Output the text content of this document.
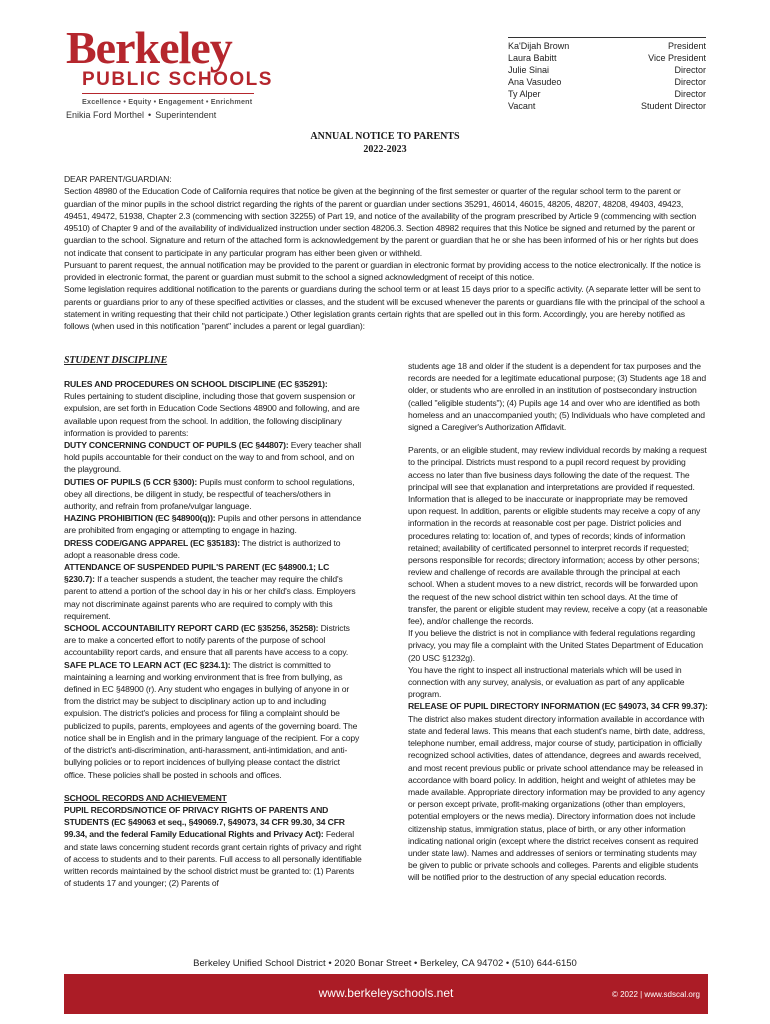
Berkeley
PUBLIC SCHOOLS
Excellence • Equity • Engagement • Enrichment
Enikia Ford Morthel • Superintendent
Ka'Dijah Brown	President
Laura Babitt	Vice President
Julie Sinai	Director
Ana Vasudeo	Director
Ty Alper	Director
Vacant	Student Director
ANNUAL NOTICE TO PARENTS
2022-2023

DEAR PARENT/GUARDIAN:

Section 48980 of the Education Code of California requires that notice be given at the beginning of the first semester or quarter of the regular school term to the parent or guardian of the minor pupils in the school district regarding the rights of the parent or guardian under sections 35291, 46014, 46015, 48205, 48207, 48208, 49403, 49423, 49451, 49472, 51938, Chapter 2.3 (commencing with section 32255) of Part 19, and notice of the availability of the program prescribed by Article 9 (commencing with section 49510) of Chapter 9 and of the availability of individualized instruction under section 48206.3. Section 48982 requires that this Notice be signed and returned by the parent or guardian to the school. Signature and return of the attached form is acknowledgement by the parent or guardian that he or she has been informed of his or her rights but does not indicate that consent to participate in any particular program has either been given or withheld.

Pursuant to parent request, the annual notification may be provided to the parent or guardian in electronic format by providing access to the notice electronically. If the notice is provided in electronic format, the parent or guardian must submit to the school a signed acknowledgment of receipt of this notice.

Some legislation requires additional notification to the parents or guardians during the school term or at least 15 days prior to a specific activity. (A separate letter will be sent to parents or guardians prior to any of these specified activities or classes, and the student will be excused whenever the parents or guardians file with the principal of the school a statement in writing requesting that their child not participate.) Other legislation grants certain rights that are spelled out in this form. Accordingly, you are hereby notified as follows (when used in this notification "parent" includes a parent or legal guardian):

STUDENT DISCIPLINE

RULES AND PROCEDURES ON SCHOOL DISCIPLINE (EC §35291):
Rules pertaining to student discipline, including those that govern suspension or expulsion, are set forth in Education Code Sections 48900 and following, and are available upon request from the school. In addition, the following disciplinary information is provided to parents:

DUTY CONCERNING CONDUCT OF PUPILS (EC §44807): Every teacher shall hold pupils accountable for their conduct on the way to and from school, and on the playground.

DUTIES OF PUPILS (5 CCR §300): Pupils must conform to school regulations, obey all directions, be diligent in study, be respectful of teachers/others in authority, and refrain from profane/vulgar language.

HAZING PROHIBITION (EC §48900(q)): Pupils and other persons in attendance are prohibited from engaging or attempting to engage in hazing.

DRESS CODE/GANG APPAREL (EC §35183): The district is authorized to adopt a reasonable dress code.

ATTENDANCE OF SUSPENDED PUPIL'S PARENT (EC §48900.1; LC §230.7): If a teacher suspends a student, the teacher may require the child's parent to attend a portion of the school day in his or her child's class. Employers may not discriminate against parents who are required to comply with this requirement.

SCHOOL ACCOUNTABILITY REPORT CARD (EC §35256, 35258): Districts are to make a concerted effort to notify parents of the purpose of school accountability report cards, and ensure that all parents have access to a copy.

SAFE PLACE TO LEARN ACT (EC §234.1): The district is committed to maintaining a learning and working environment that is free from bullying, as defined in EC §48900 (r). Any student who engages in bullying of anyone in or from the district may be subject to disciplinary action up to and including expulsion. The district's policies and process for filing a complaint should be publicized to pupils, parents, employees and agents of the governing board. The notice shall be in English and in the primary language of the recipient. For a copy of the district's anti-discrimination, anti-harassment, anti-intimidation, and anti-bullying policies or to report incidences of bullying please contact the district office. These policies shall be posted in schools and offices.

SCHOOL RECORDS AND ACHIEVEMENT

PUPIL RECORDS/NOTICE OF PRIVACY RIGHTS OF PARENTS AND STUDENTS (EC §49063 et seq., §49069.7, §49073, 34 CFR 99.30, 34 CFR 99.34, and the federal Family Educational Rights and Privacy Act): Federal and state laws concerning student records grant certain rights of privacy and right of access to students and to their parents. Full access to all personally identifiable written records maintained by the school district must be granted to: (1) Parents of students 17 and younger; (2) Parents of

students age 18 and older if the student is a dependent for tax purposes and the records are needed for a legitimate educational purpose; (3) Students age 18 and older, or students who are enrolled in an institution of postsecondary instruction (called "eligible students"); (4) Pupils age 14 and over who are identified as both homeless and an unaccompanied youth; (5) Individuals who have completed and signed a Caregiver's Authorization Affidavit.

Parents, or an eligible student, may review individual records by making a request to the principal. Districts must respond to a pupil record request by providing access no later than five business days following the date of the request. The principal will see that explanation and interpretations are provided if requested. Information that is alleged to be inaccurate or inappropriate may be removed upon request. In addition, parents or eligible students may receive a copy of any information in the records at reasonable cost per page. District policies and procedures relating to: location of, and types of records; kinds of information retained; availability of certificated personnel to interpret records if requested; persons responsible for records; directory information; access by other persons; review and challenge of records are available through the principal at each school. When a student moves to a new district, records will be forwarded upon the request of the new school district within ten school days. At the time of transfer, the parent or eligible student may review, receive a copy (at a reasonable fee), and/or challenge the records.

If you believe the district is not in compliance with federal regulations regarding privacy, you may file a complaint with the United States Department of Education (20 USC §1232g).

You have the right to inspect all instructional materials which will be used in connection with any survey, analysis, or evaluation as part of any applicable program.

RELEASE OF PUPIL DIRECTORY INFORMATION (EC §49073, 34 CFR 99.37): The district also makes student directory information available in accordance with state and federal laws. This means that each student's name, birth date, address, telephone number, email address, major course of study, participation in officially recognized school activities, dates of attendance, degrees and awards received, and most recent previous public or private school attendance may be released in accordance with board policy. In addition, height and weight of athletes may be made available. Appropriate directory information may be provided to any agency or person except private, profit-making organizations (other than employers, potential employers or the news media). Directory information does not include citizenship status, immigration status, place of birth, or any other information indicating national origin (except where the district receives consent as required under state law). Names and addresses of seniors or terminating students may be given to public or private schools and colleges. Parents and eligible students will be notified prior to the destruction of any special education records.

Berkeley Unified School District • 2020 Bonar Street • Berkeley, CA 94702 • (510) 644-6150
www.berkeleyschools.net	© 2022 | www.sdscal.org
